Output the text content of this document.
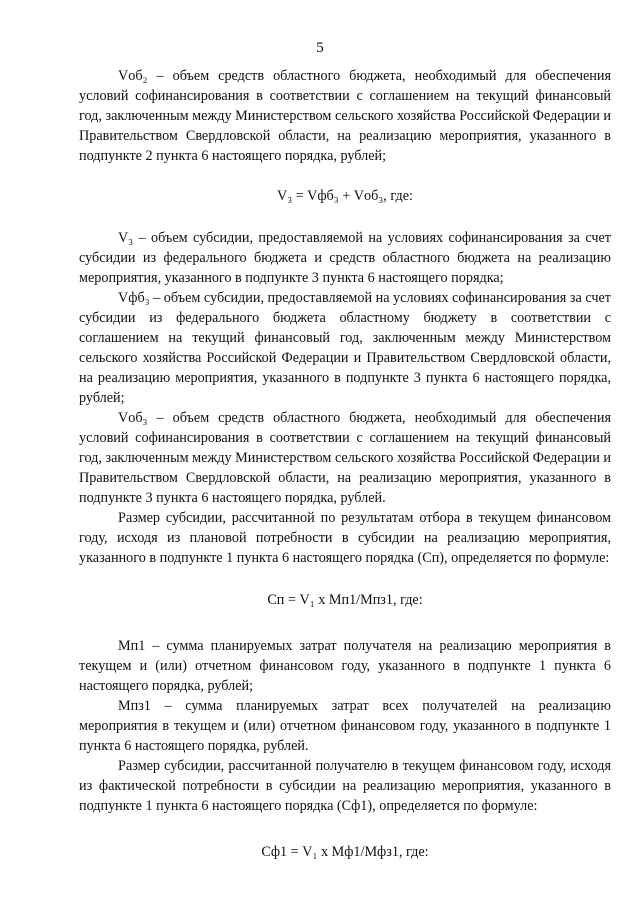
5

Vоб₂ – объем средств областного бюджета, необходимый для обеспечения условий софинансирования в соответствии с соглашением на текущий финансовый год, заключенным между Министерством сельского хозяйства Российской Федерации и Правительством Свердловской области, на реализацию мероприятия, указанного в подпункте 2 пункта 6 настоящего порядка, рублей;

V₃ = Vфб₃ + Vоб₃, где:

V₃ – объем субсидии, предоставляемой на условиях софинансирования за счет субсидии из федерального бюджета и средств областного бюджета на реализацию мероприятия, указанного в подпункте 3 пункта 6 настоящего порядка;

Vфб₃ – объем субсидии, предоставляемой на условиях софинансирования за счет субсидии из федерального бюджета областному бюджету в соответствии с соглашением на текущий финансовый год, заключенным между Министерством сельского хозяйства Российской Федерации и Правительством Свердловской области, на реализацию мероприятия, указанного в подпункте 3 пункта 6 настоящего порядка, рублей;

Vоб₃ – объем средств областного бюджета, необходимый для обеспечения условий софинансирования в соответствии с соглашением на текущий финансовый год, заключенным между Министерством сельского хозяйства Российской Федерации и Правительством Свердловской области, на реализацию мероприятия, указанного в подпункте 3 пункта 6 настоящего порядка, рублей.

Размер субсидии, рассчитанной по результатам отбора в текущем финансовом году, исходя из плановой потребности в субсидии на реализацию мероприятия, указанного в подпункте 1 пункта 6 настоящего порядка (Сп), определяется по формуле:

Сп = V₁ х Мп1/Мпз1, где:

Мп1 – сумма планируемых затрат получателя на реализацию мероприятия в текущем и (или) отчетном финансовом году, указанного в подпункте 1 пункта 6 настоящего порядка, рублей;

Мпз1 – сумма планируемых затрат всех получателей на реализацию мероприятия в текущем и (или) отчетном финансовом году, указанного в подпункте 1 пункта 6 настоящего порядка, рублей.

Размер субсидии, рассчитанной получателю в текущем финансовом году, исходя из фактической потребности в субсидии на реализацию мероприятия, указанного в подпункте 1 пункта 6 настоящего порядка (Сф1), определяется по формуле:

Сф1 = V₁ х Мф1/Мфз1, где:
